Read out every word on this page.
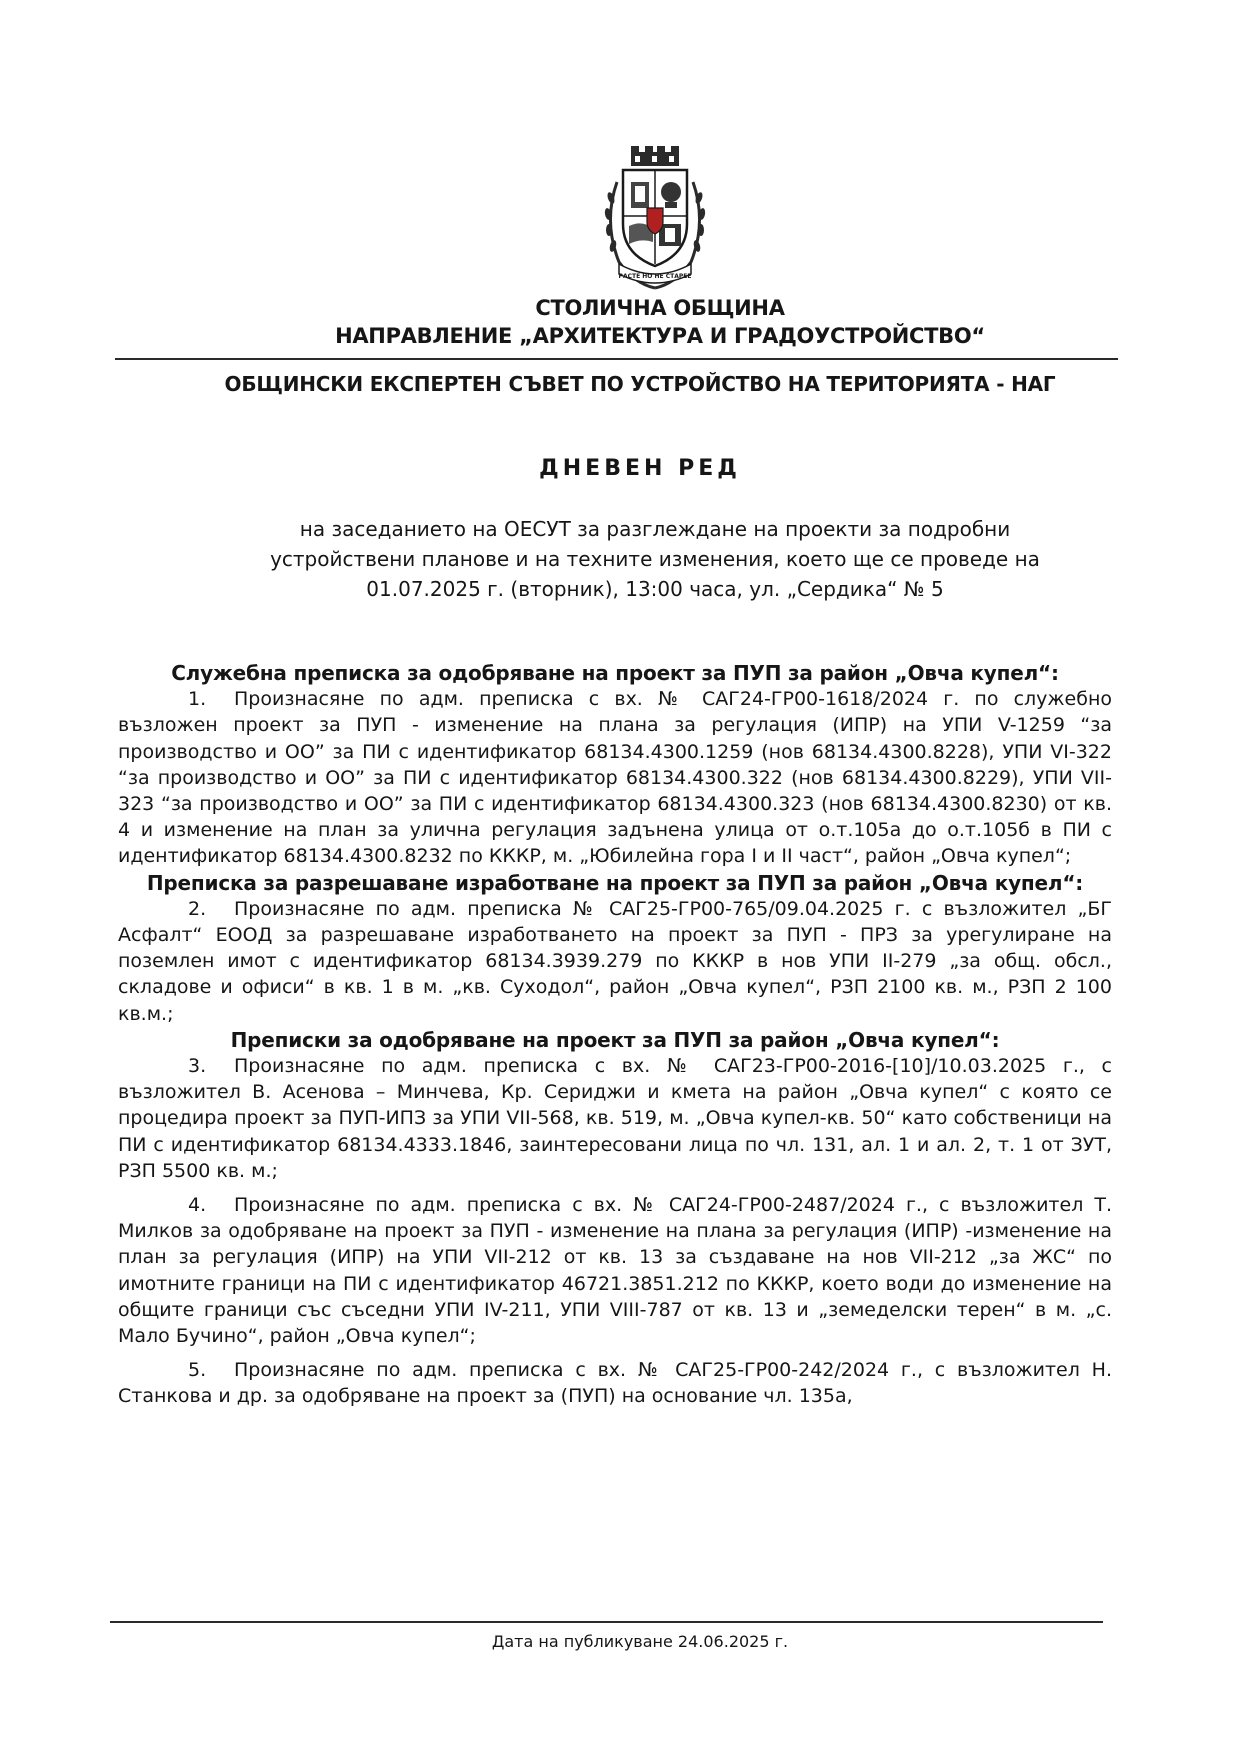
РАСТЕ НО НЕ СТАРЕЕ
СТОЛИЧНА ОБЩИНА
НАПРАВЛЕНИЕ „АРХИТЕКТУРА И ГРАДОУСТРОЙСТВО“
ОБЩИНСКИ ЕКСПЕРТЕН СЪВЕТ ПО УСТРОЙСТВО НА ТЕРИТОРИЯТА - НАГ
ДНЕВЕН РЕД
на заседанието на ОЕСУТ за разглеждане на проекти за подробни устройствени планове и на техните изменения, което ще се проведе на 01.07.2025 г. (вторник), 13:00 часа, ул. „Сердика“ № 5

Служебна преписка за одобряване на проект за ПУП за район „Овча купел“:

1. Произнасяне по адм. преписка с вх. № САГ24-ГР00-1618/2024 г. по служебно възложен проект за ПУП - изменение на плана за регулация (ИПР) на УПИ V-1259 “за производство и ОО” за ПИ с идентификатор 68134.4300.1259 (нов 68134.4300.8228), УПИ VI-322 “за производство и ОО” за ПИ с идентификатор 68134.4300.322 (нов 68134.4300.8229), УПИ VII-323 “за производство и ОО” за ПИ с идентификатор 68134.4300.323 (нов 68134.4300.8230) от кв. 4 и изменение на план за улична регулация задънена улица от о.т.105а до о.т.105б в ПИ с идентификатор 68134.4300.8232 по КККР, м. „Юбилейна гора I и II част“, район „Овча купел“;

Преписка за разрешаване изработване на проект за ПУП за район „Овча купел“:

2. Произнасяне по адм. преписка № САГ25-ГР00-765/09.04.2025 г. с възложител „БГ Асфалт“ ЕООД за разрешаване изработването на проект за ПУП - ПРЗ за урегулиране на поземлен имот с идентификатор 68134.3939.279 по КККР в нов УПИ II-279 „за общ. обсл., складове и офиси“ в кв. 1 в м. „кв. Суходол“, район „Овча купел“, РЗП 2100 кв. м., РЗП 2 100 кв.м.;

Преписки за одобряване на проект за ПУП за район „Овча купел“:

3. Произнасяне по адм. преписка с вх. № САГ23-ГР00-2016-[10]/10.03.2025 г., с възложител В. Асенова – Минчева, Кр. Сериджи и кмета на район „Овча купел“ с която се процедира проект за ПУП-ИПЗ за УПИ VII-568, кв. 519, м. „Овча купел-кв. 50“ като собственици на ПИ с идентификатор 68134.4333.1846, заинтересовани лица по чл. 131, ал. 1 и ал. 2, т. 1 от ЗУТ, РЗП 5500 кв. м.;

4. Произнасяне по адм. преписка с вх. № САГ24-ГР00-2487/2024 г., с възложител Т. Милков за одобряване на проект за ПУП - изменение на плана за регулация (ИПР) -изменение на план за регулация (ИПР) на УПИ VII-212 от кв. 13 за създаване на нов VII-212 „за ЖС“ по имотните граници на ПИ с идентификатор 46721.3851.212 по КККР, което води до изменение на общите граници със съседни УПИ IV-211, УПИ VIII-787 от кв. 13 и „земеделски терен“ в м. „с. Мало Бучино“, район „Овча купел“;

5. Произнасяне по адм. преписка с вх. № САГ25-ГР00-242/2024 г., с възложител Н. Станкова и др. за одобряване на проект за (ПУП) на основание чл. 135а,

Дата на публикуване 24.06.2025 г.
